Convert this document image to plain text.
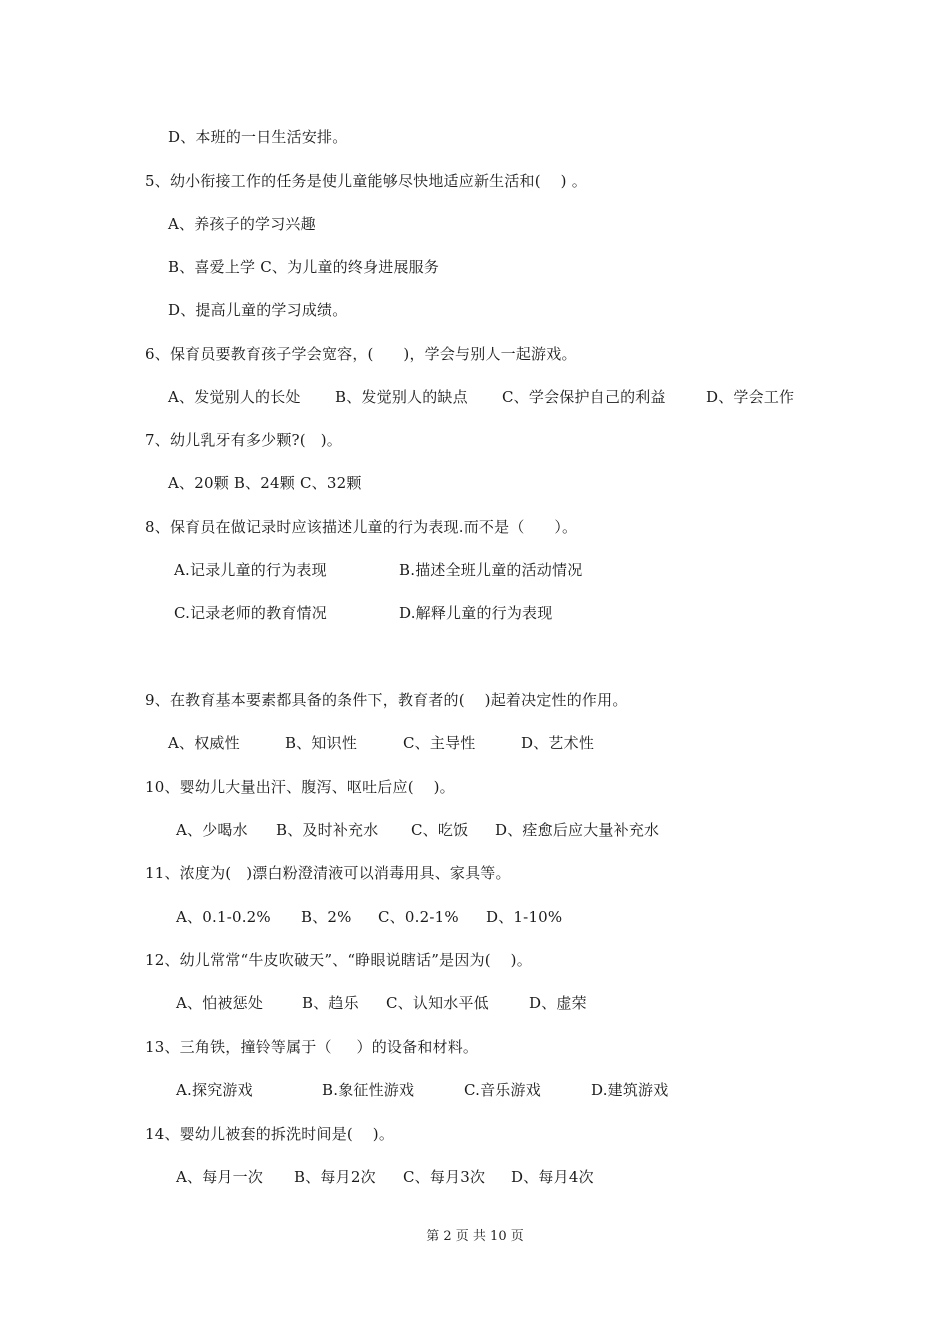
D、本班的一日生活安排。
5、幼小衔接工作的任务是使儿童能够尽快地适应新生活和(    ) 。
A、养孩子的学习兴趣
B、喜爱上学 C、为儿童的终身进展服务
D、提高儿童的学习成绩。
6、保育员要教育孩子学会宽容，(      )，学会与别人一起游戏。
A、发觉别人的长处 B、发觉别人的缺点 C、学会保护自己的利益	D、学会工作
7、幼儿乳牙有多少颗?(   )。
A、20颗 B、24颗 C、32颗
8、保育员在做记录时应该描述儿童的行为表现.而不是（      ）。
A.记录儿童的行为表现	B.描述全班儿童的活动情况
C.记录老师的教育情况	D.解释儿童的行为表现
9、在教育基本要素都具备的条件下，教育者的(    )起着决定性的作用。
A、权威性	B、知识性	C、主导性	D、艺术性
10、婴幼儿大量出汗、腹泻、呕吐后应(    )。
A、少喝水 B、及时补充水 C、吃饭 D、痊愈后应大量补充水
11、浓度为(   )漂白粉澄清液可以消毒用具、家具等。
A、0.1-0.2% B、2% C、0.2-1% D、1-10%
12、幼儿常常“牛皮吹破天”、“睁眼说瞎话”是因为(    )。
A、怕被惩处	B、趋乐 C、认知水平低	D、虚荣
13、三角铁，撞铃等属于（     ）的设备和材料。
A.探究游戏	B.象征性游戏	C.音乐游戏	D.建筑游戏
14、婴幼儿被套的拆洗时间是(    )。
A、每月一次 B、每月2次 C、每月3次 D、每月4次
第 2 页 共 10 页
